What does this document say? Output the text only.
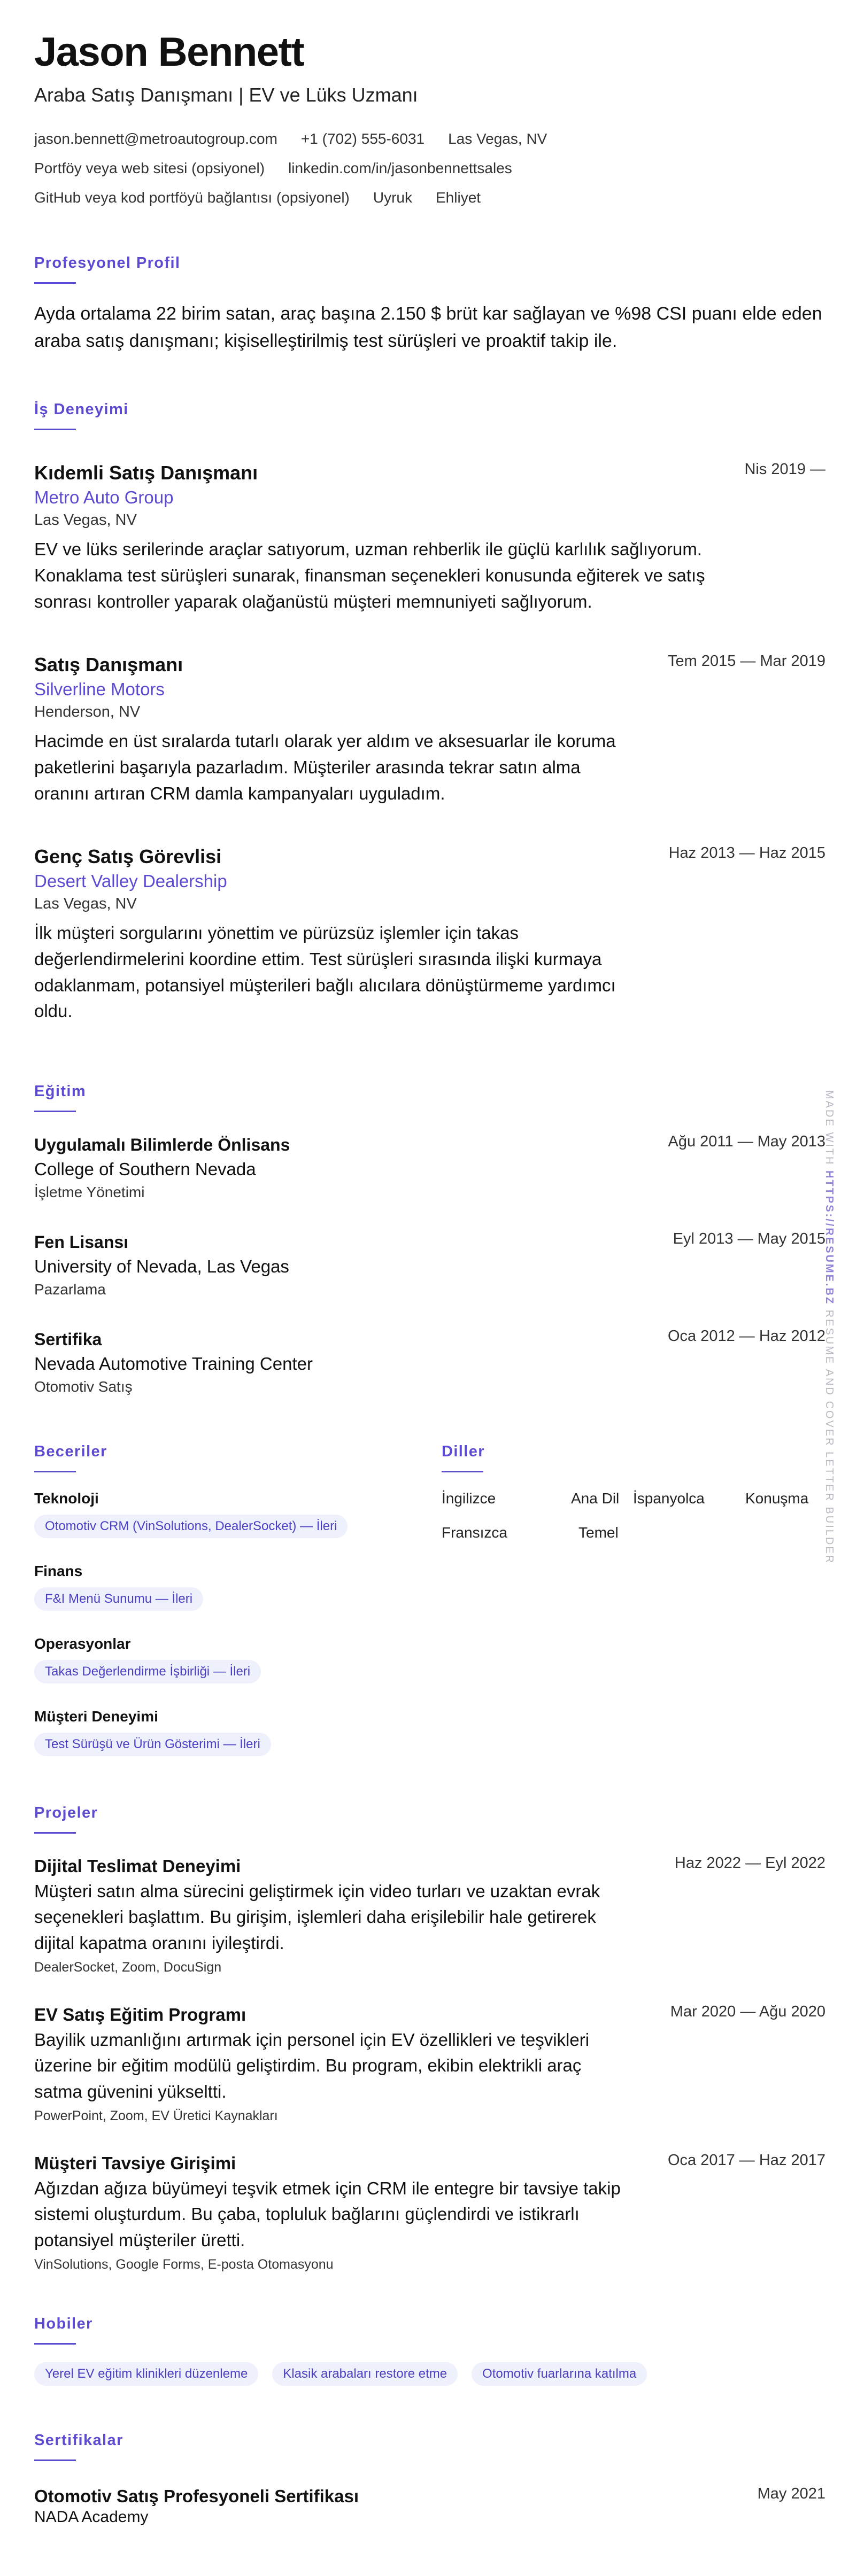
Jason Bennett

Araba Satış Danışmanı | EV ve Lüks Uzmanı

jason.bennett@metroautogroup.com +1 (702) 555-6031 Las Vegas, NV
Portföy veya web sitesi (opsiyonel) linkedin.com/in/jasonbennettsales
GitHub veya kod portföyü bağlantısı (opsiyonel) Uyruk Ehliyet
Profesyonel Profil

Ayda ortalama 22 birim satan, araç başına 2.150 $ brüt kar sağlayan ve %98 CSI puanı elde eden araba satış danışmanı; kişiselleştirilmiş test sürüşleri ve proaktif takip ile.

İş Deneyimi
Nis 2019 —
Kıdemli Satış Danışmanı
Metro Auto Group
Las Vegas, NV
EV ve lüks serilerinde araçlar satıyorum, uzman rehberlik ile güçlü karlılık sağlıyorum. Konaklama test sürüşleri sunarak, finansman seçenekleri konusunda eğiterek ve satış sonrası kontroller yaparak olağanüstü müşteri memnuniyeti sağlıyorum.
Tem 2015 — Mar 2019
Satış Danışmanı
Silverline Motors
Henderson, NV
Hacimde en üst sıralarda tutarlı olarak yer aldım ve aksesuarlar ile koruma paketlerini başarıyla pazarladım. Müşteriler arasında tekrar satın alma oranını artıran CRM damla kampanyaları uyguladım.
Haz 2013 — Haz 2015
Genç Satış Görevlisi
Desert Valley Dealership
Las Vegas, NV
İlk müşteri sorgularını yönettim ve pürüzsüz işlemler için takas değerlendirmelerini koordine ettim. Test sürüşleri sırasında ilişki kurmaya odaklanmam, potansiyel müşterileri bağlı alıcılara dönüştürmeme yardımcı oldu.
Eğitim
Ağu 2011 — May 2013
Uygulamalı Bilimlerde Önlisans
College of Southern Nevada
İşletme Yönetimi
Eyl 2013 — May 2015
Fen Lisansı
University of Nevada, Las Vegas
Pazarlama
Oca 2012 — Haz 2012
Sertifika
Nevada Automotive Training Center
Otomotiv Satış
Beceriler
Teknoloji
Otomotiv CRM (VinSolutions, DealerSocket) — İleri
Finans
F&I Menü Sunumu — İleri
Operasyonlar
Takas Değerlendirme İşbirliği — İleri
Müşteri Deneyimi
Test Sürüşü ve Ürün Gösterimi — İleri
Diller
İngilizce	Ana Dil İspanyolca	Konuşma
Fransızca	Temel
Projeler
Haz 2022 — Eyl 2022
Dijital Teslimat Deneyimi
Müşteri satın alma sürecini geliştirmek için video turları ve uzaktan evrak seçenekleri başlattım. Bu girişim, işlemleri daha erişilebilir hale getirerek dijital kapatma oranını iyileştirdi.
DealerSocket, Zoom, DocuSign
Mar 2020 — Ağu 2020
EV Satış Eğitim Programı
Bayilik uzmanlığını artırmak için personel için EV özellikleri ve teşvikleri üzerine bir eğitim modülü geliştirdim. Bu program, ekibin elektrikli araç satma güvenini yükseltti.
PowerPoint, Zoom, EV Üretici Kaynakları
Oca 2017 — Haz 2017
Müşteri Tavsiye Girişimi
Ağızdan ağıza büyümeyi teşvik etmek için CRM ile entegre bir tavsiye takip sistemi oluşturdum. Bu çaba, topluluk bağlarını güçlendirdi ve istikrarlı potansiyel müşteriler üretti.
VinSolutions, Google Forms, E-posta Otomasyonu
Hobiler
Yerel EV eğitim klinikleri düzenleme	Klasik arabaları restore etme	Otomotiv fuarlarına katılma
Sertifikalar
May 2021
Otomotiv Satış Profesyoneli Sertifikası
NADA Academy
MADE WITH HTTPS://RESUME.BZ RESUME AND COVER LETTER BUILDER
